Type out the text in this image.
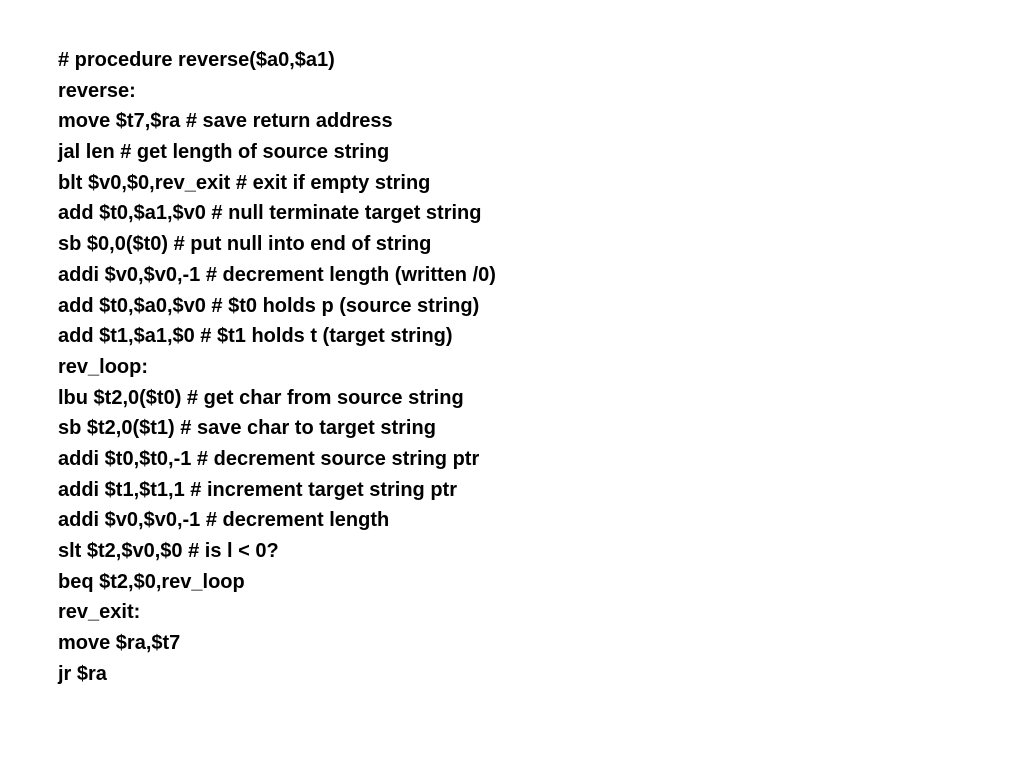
# procedure reverse($a0,$a1)
reverse:
move $t7,$ra # save return address
jal len # get length of source string
blt $v0,$0,rev_exit # exit if empty string
add $t0,$a1,$v0 # null terminate target string
sb $0,0($t0) # put null into end of string
addi $v0,$v0,-1 # decrement length (written /0)
add $t0,$a0,$v0 # $t0 holds p (source string)
add $t1,$a1,$0 # $t1 holds t (target string)
rev_loop:
lbu $t2,0($t0) # get char from source string
sb $t2,0($t1) # save char to target string
addi $t0,$t0,-1 # decrement source string ptr
addi $t1,$t1,1 # increment target string ptr
addi $v0,$v0,-1 # decrement length
slt $t2,$v0,$0 # is l < 0?
beq $t2,$0,rev_loop
rev_exit:
move $ra,$t7
jr $ra
